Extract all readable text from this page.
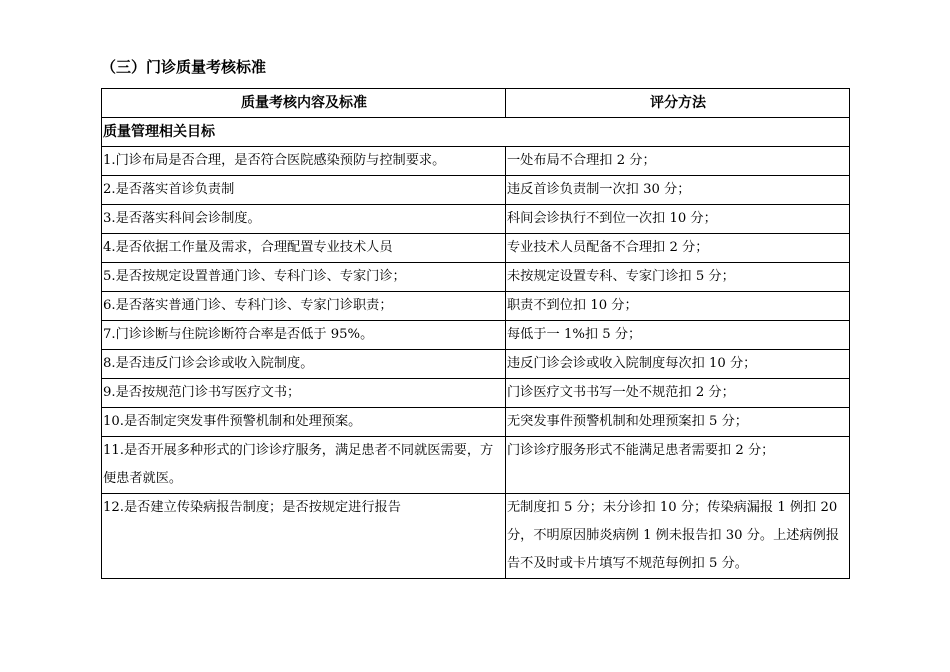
（三）门诊质量考核标准
质量考核内容及标准	评分方法
质量管理相关目标	
1.门诊布局是否合理，是否符合医院感染预防与控制要求。	一处布局不合理扣 2 分；
2.是否落实首诊负责制	违反首诊负责制一次扣 30 分；
3.是否落实科间会诊制度。	科间会诊执行不到位一次扣 10 分；
4.是否依据工作量及需求，合理配置专业技术人员	专业技术人员配备不合理扣 2 分；
5.是否按规定设置普通门诊、专科门诊、专家门诊；	未按规定设置专科、专家门诊扣 5 分；
6.是否落实普通门诊、专科门诊、专家门诊职责；	职责不到位扣 10 分；
7.门诊诊断与住院诊断符合率是否低于 95%。	每低于一 1%扣 5 分；
8.是否违反门诊会诊或收入院制度。	违反门诊会诊或收入院制度每次扣 10 分；
9.是否按规范门诊书写医疗文书；	门诊医疗文书书写一处不规范扣 2 分；
10.是否制定突发事件预警机制和处理预案。	无突发事件预警机制和处理预案扣 5 分；
11.是否开展多种形式的门诊诊疗服务，满足患者不同就医需要，方便患者就医。	门诊诊疗服务形式不能满足患者需要扣 2 分；
12.是否建立传染病报告制度；是否按规定进行报告	无制度扣 5 分；未分诊扣 10 分；传染病漏报 1 例扣 20 分，不明原因肺炎病例 1 例未报告扣 30 分。上述病例报告不及时或卡片填写不规范每例扣 5 分。
